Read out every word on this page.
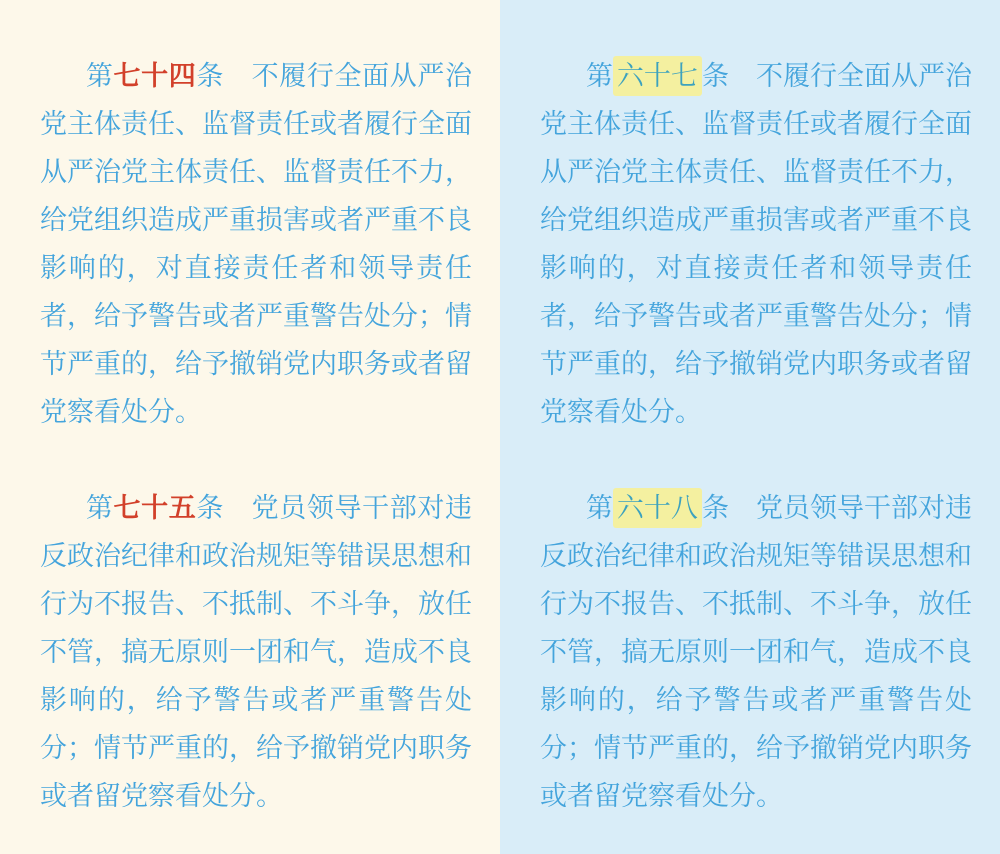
第七十四条 不履行全面从严治党主体责任、监督责任或者履行全面从严治党主体责任、监督责任不力，给党组织造成严重损害或者严重不良影响的，对直接责任者和领导责任者，给予警告或者严重警告处分；情节严重的，给予撤销党内职务或者留党察看处分。

第七十五条 党员领导干部对违反政治纪律和政治规矩等错误思想和行为不报告、不抵制、不斗争，放任不管，搞无原则一团和气，造成不良影响的，给予警告或者严重警告处分；情节严重的，给予撤销党内职务或者留党察看处分。

第 六十七 条 不履行全面从严治党主体责任、监督责任或者履行全面从严治党主体责任、监督责任不力，给党组织造成严重损害或者严重不良影响的，对直接责任者和领导责任者，给予警告或者严重警告处分；情节严重的，给予撤销党内职务或者留党察看处分。

第 六十八 条 党员领导干部对违反政治纪律和政治规矩等错误思想和行为不报告、不抵制、不斗争，放任不管，搞无原则一团和气，造成不良影响的，给予警告或者严重警告处分；情节严重的，给予撤销党内职务或者留党察看处分。
